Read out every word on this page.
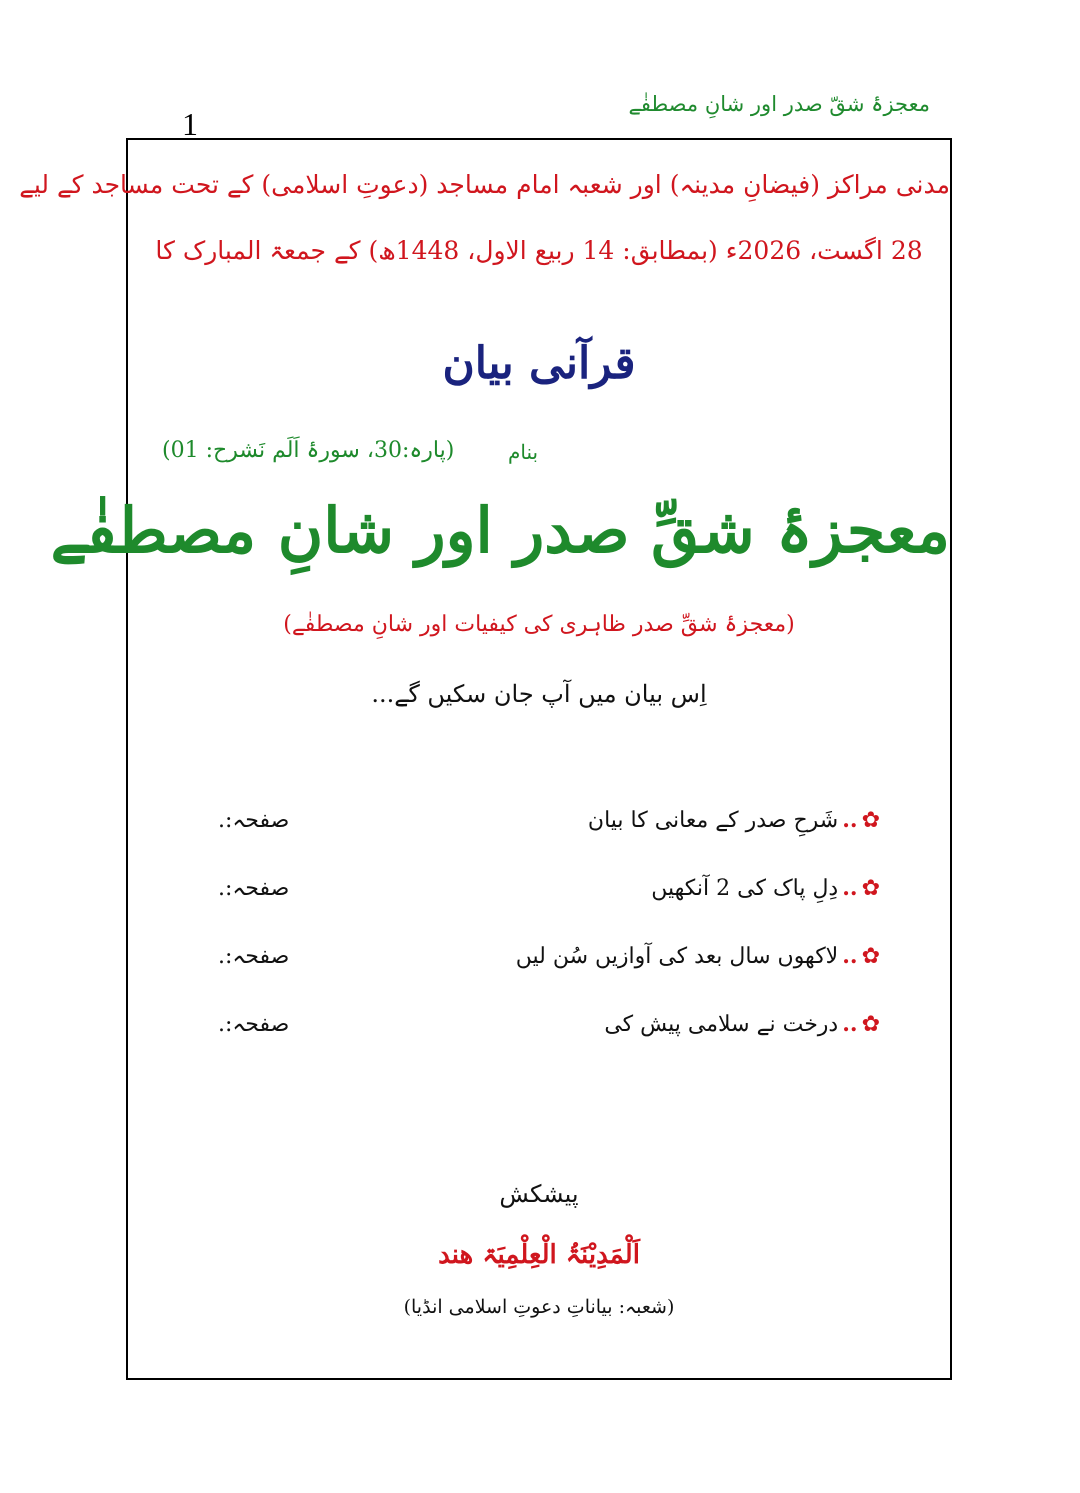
معجزۂ شقّ صدر اور شانِ مصطفٰے
1
مدنی مراکز (فیضانِ مدینہ) اور شعبہ امام مساجد (دعوتِ اسلامی) کے تحت مساجد کے لیے
28 اگست، 2026ء (بمطابق: 14 ربیع الاول، 1448ھ) کے جمعۃ المبارک کا
قرآنی بیان
بنام
(پارہ:30، سورۂ اَلَم نَشرح: 01)
معجزۂ شقِّ صدر اور شانِ مصطفٰے
(معجزۂ شقِّ صدر ظاہری کی کیفیات اور شانِ مصطفٰے)
اِس بیان میں آپ جان سکیں گے...
✿
..
شَرحِ صدر کے معانی کا بیان
صفحہ:.
✿
..
دِلِ پاک کی 2 آنکھیں
صفحہ:.
✿
..
لاکھوں سال بعد کی آوازیں سُن لیں
صفحہ:.
✿
..
درخت نے سلامی پیش کی
صفحہ:.
پیشکش
اَلْمَدِیْنَۃُ الْعِلْمِیَۃ ھند
(شعبہ: بیاناتِ دعوتِ اسلامی انڈیا)
